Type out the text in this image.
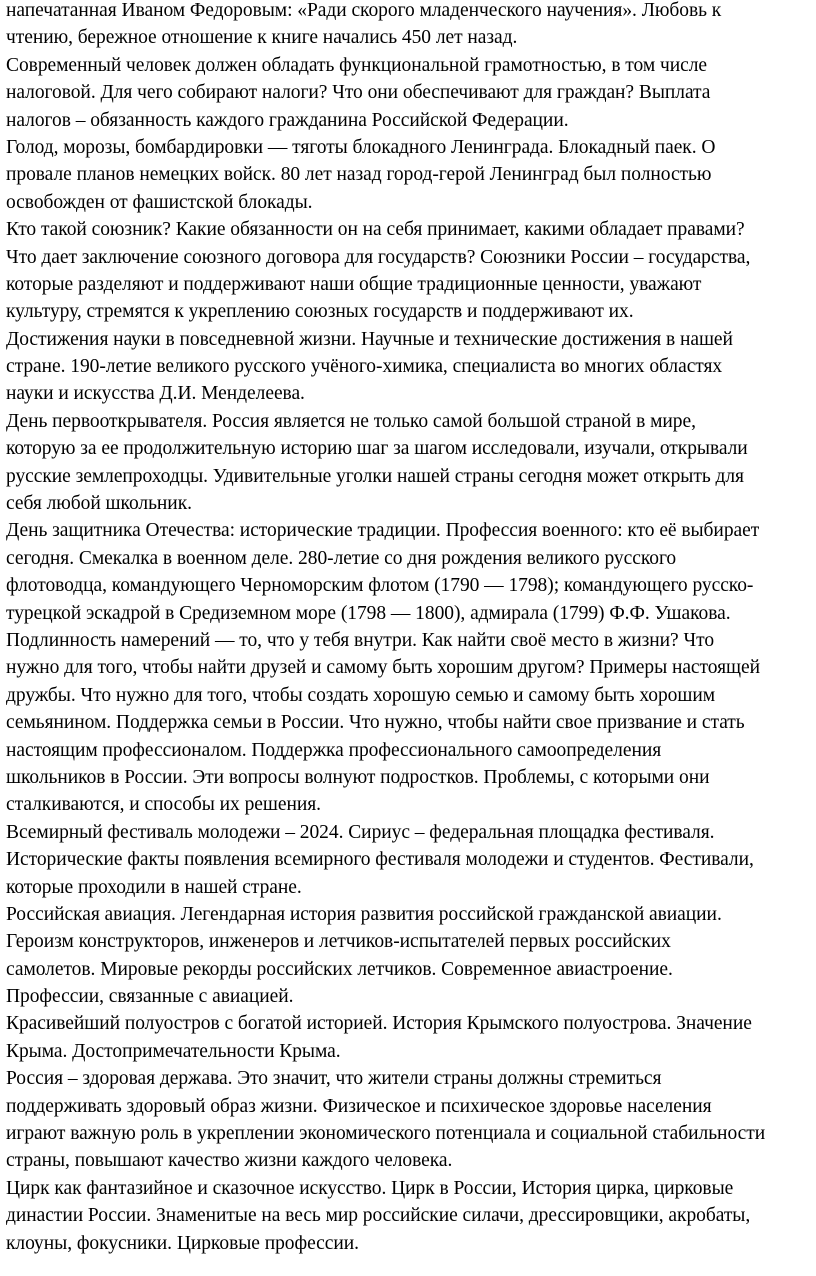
напечатанная Иваном Федоровым: «Ради скорого младенческого научения». Любовь к
чтению, бережное отношение к книге начались 450 лет назад.
Современный человек должен обладать функциональной грамотностью, в том числе
налоговой. Для чего собирают налоги? Что они обеспечивают для граждан? Выплата
налогов – обязанность каждого гражданина Российской Федерации.
Голод, морозы, бомбардировки — тяготы блокадного Ленинграда. Блокадный паек. О
провале планов немецких войск. 80 лет назад город-герой Ленинград был полностью
освобожден от фашистской блокады.
Кто такой союзник? Какие обязанности он на себя принимает, какими обладает правами?
Что дает заключение союзного договора для государств? Союзники России – государства,
которые разделяют и поддерживают наши общие традиционные ценности, уважают
культуру, стремятся к укреплению союзных государств и поддерживают их.
Достижения науки в повседневной жизни. Научные и технические достижения в нашей
стране. 190-летие великого русского учёного-химика, специалиста во многих областях
науки и искусства Д.И. Менделеева.
День первооткрывателя. Россия является не только самой большой страной в мире,
которую за ее продолжительную историю шаг за шагом исследовали, изучали, открывали
русские землепроходцы. Удивительные уголки нашей страны сегодня может открыть для
себя любой школьник.
День защитника Отечества: исторические традиции. Профессия военного: кто её выбирает
сегодня. Смекалка в военном деле. 280-летие со дня рождения великого русского
флотоводца, командующего Черноморским флотом (1790 — 1798); командующего русско-
турецкой эскадрой в Средиземном море (1798 — 1800), адмирала (1799) Ф.Ф. Ушакова.
Подлинность намерений — то, что у тебя внутри. Как найти своё место в жизни? Что
нужно для того, чтобы найти друзей и самому быть хорошим другом? Примеры настоящей
дружбы. Что нужно для того, чтобы создать хорошую семью и самому быть хорошим
семьянином. Поддержка семьи в России. Что нужно, чтобы найти свое призвание и стать
настоящим профессионалом. Поддержка профессионального самоопределения
школьников в России. Эти вопросы волнуют подростков. Проблемы, с которыми они
сталкиваются, и способы их решения.
Всемирный фестиваль молодежи – 2024. Сириус – федеральная площадка фестиваля.
Исторические факты появления всемирного фестиваля молодежи и студентов. Фестивали,
которые проходили в нашей стране.
Российская авиация. Легендарная история развития российской гражданской авиации.
Героизм конструкторов, инженеров и летчиков-испытателей первых российских
самолетов. Мировые рекорды российских летчиков. Современное авиастроение.
Профессии, связанные с авиацией.
Красивейший полуостров с богатой историей. История Крымского полуострова. Значение
Крыма. Достопримечательности Крыма.
Россия – здоровая держава. Это значит, что жители страны должны стремиться
поддерживать здоровый образ жизни. Физическое и психическое здоровье населения
играют важную роль в укреплении экономического потенциала и социальной стабильности
страны, повышают качество жизни каждого человека.
Цирк как фантазийное и сказочное искусство. Цирк в России, История цирка, цирковые
династии России. Знаменитые на весь мир российские силачи, дрессировщики, акробаты,
клоуны, фокусники. Цирковые профессии.
